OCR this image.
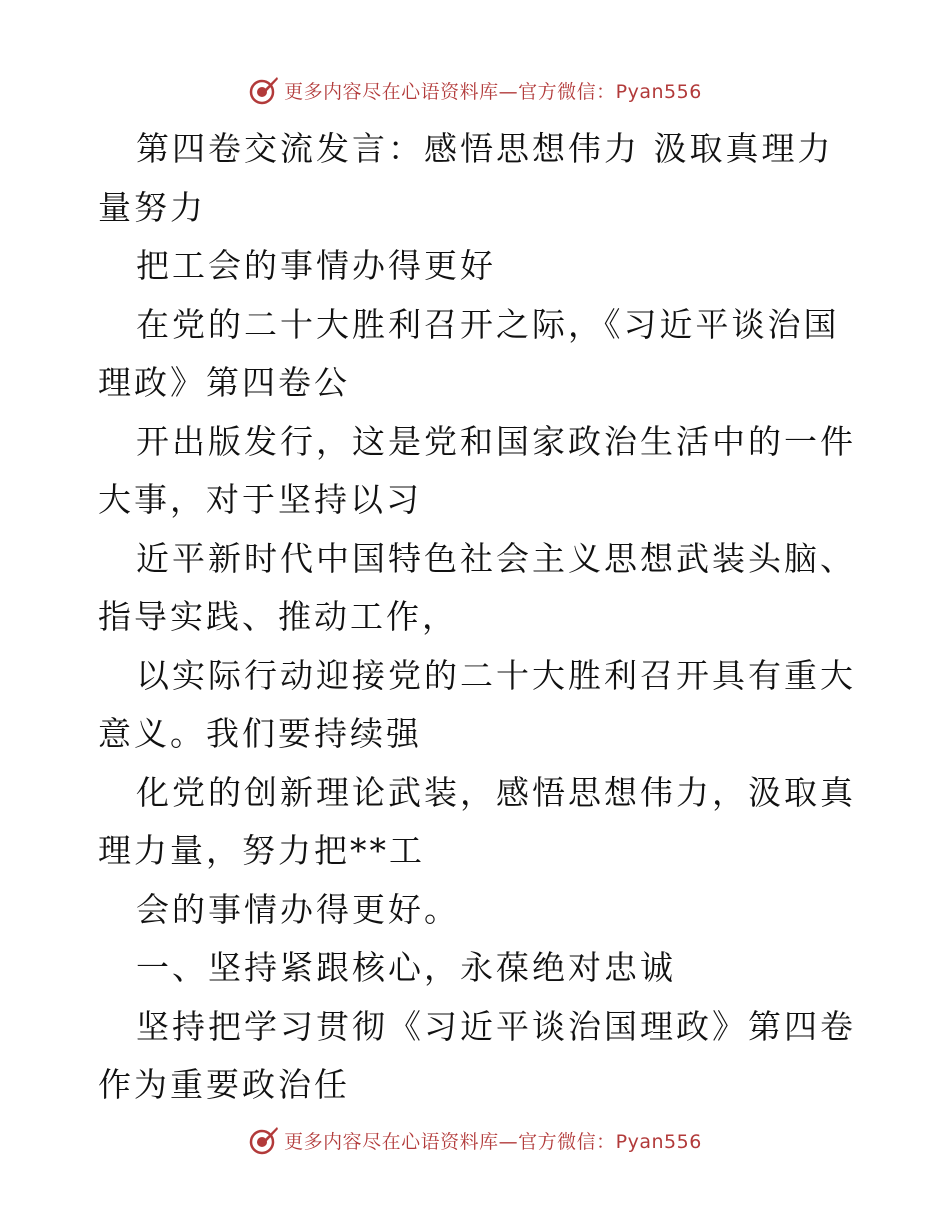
更多内容尽在心语资料库—官方微信：Pyan556

第四卷交流发言：感悟思想伟力 汲取真理力量努力

把工会的事情办得更好

在党的二十大胜利召开之际，《习近平谈治国理政》第四卷公

开出版发行，这是党和国家政治生活中的一件大事，对于坚持以习

近平新时代中国特色社会主义思想武装头脑、指导实践、推动工作，

以实际行动迎接党的二十大胜利召开具有重大意义。我们要持续强

化党的创新理论武装，感悟思想伟力，汲取真理力量，努力把**工

会的事情办得更好。

一、坚持紧跟核心，永葆绝对忠诚

坚持把学习贯彻《习近平谈治国理政》第四卷作为重要政治任

更多内容尽在心语资料库—官方微信：Pyan556
